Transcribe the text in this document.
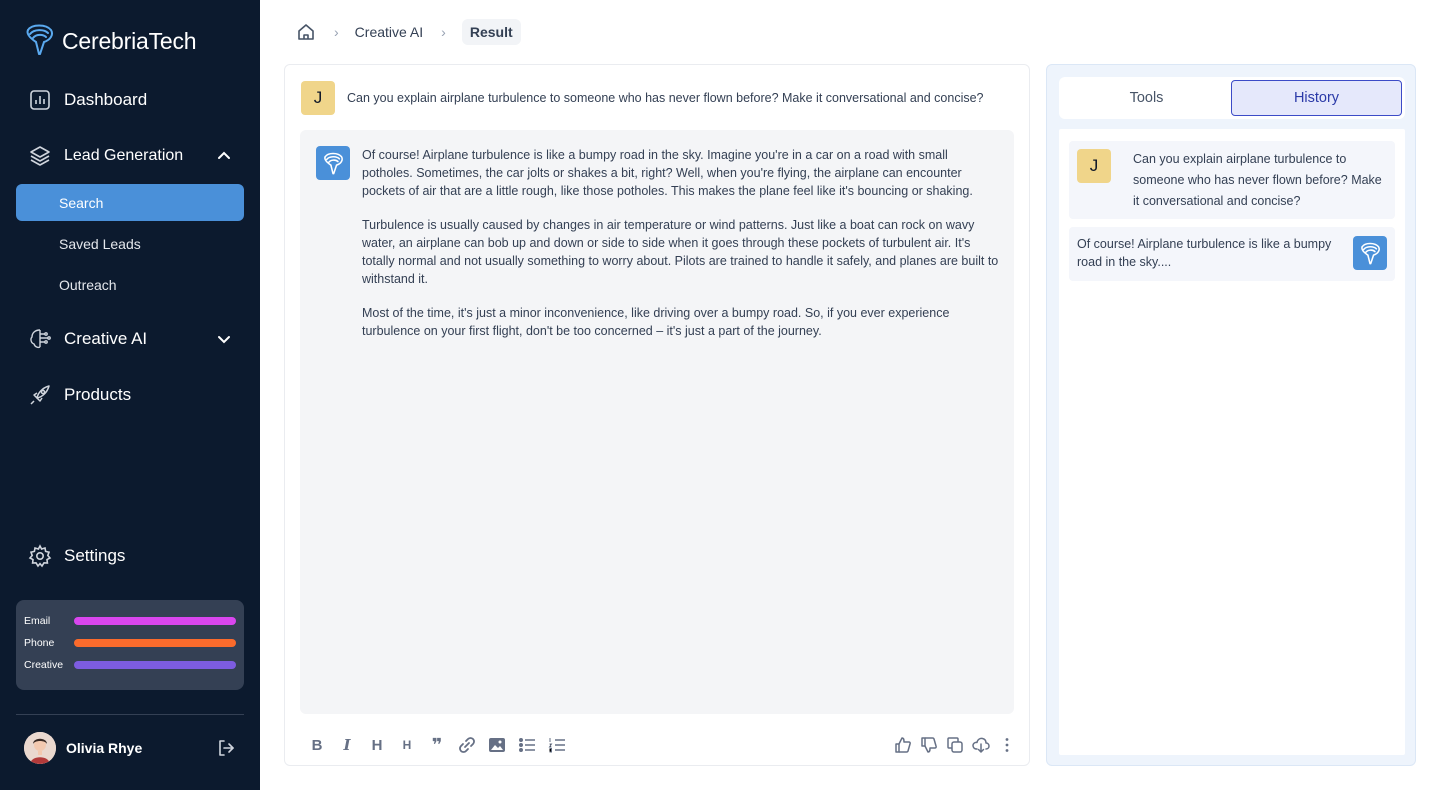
CerebriaTech
Dashboard
Lead Generation
Search
Saved Leads
Outreach
Creative AI
Products
Settings
Email
Phone
Creative
Olivia Rhye
› Creative AI ›	Result
J	Can you explain airplane turbulence to someone who has never flown before? Make it conversational and concise?

Of course! Airplane turbulence is like a bumpy road in the sky. Imagine you're in a car on a road with small potholes. Sometimes, the car jolts or shakes a bit, right? Well, when you're flying, the airplane can encounter pockets of air that are a little rough, like those potholes. This makes the plane feel like it's bouncing or shaking.

Turbulence is usually caused by changes in air temperature or wind patterns. Just like a boat can rock on wavy water, an airplane can bob up and down or side to side when it goes through these pockets of turbulent air. It's totally normal and not usually something to worry about. Pilots are trained to handle it safely, and planes are built to withstand it.

Most of the time, it's just a minor inconvenience, like driving over a bumpy road. So, if you ever experience turbulence on your first flight, don't be too concerned – it's just a part of the journey.

B	I	H	H	❞
Tools	History
J	Can you explain airplane turbulence to someone who has never flown before? Make it conversational and concise?
Of course! Airplane turbulence is like a bumpy road in the sky....
